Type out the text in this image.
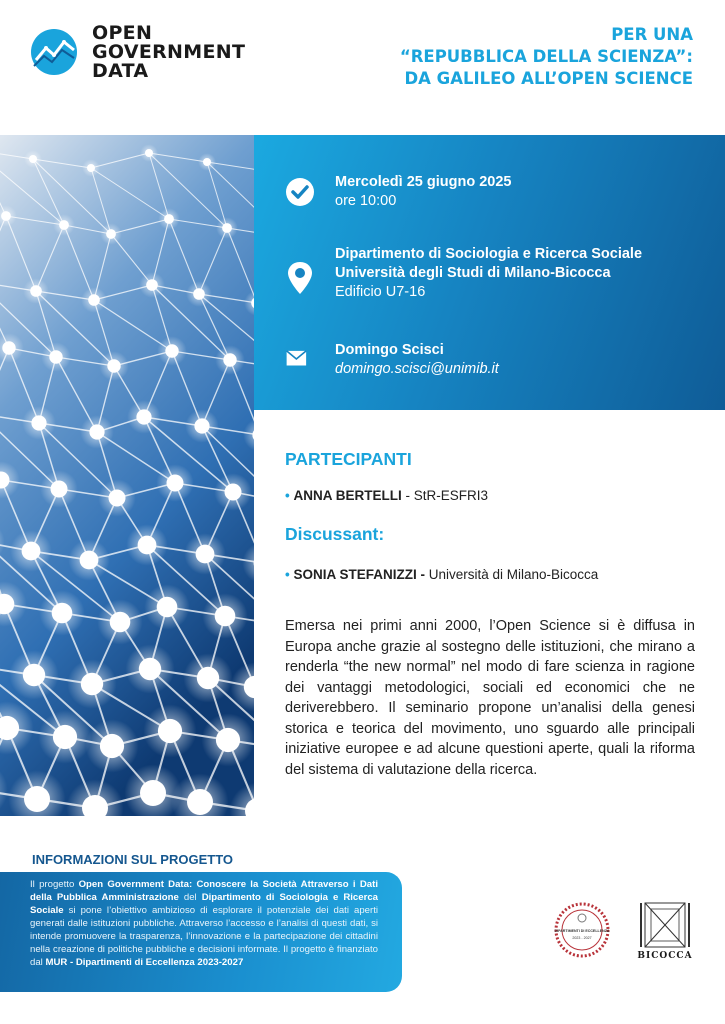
OPEN
GOVERNMENT
DATA
PER UNA
“REPUBBLICA DELLA SCIENZA”:
DA GALILEO ALL’OPEN SCIENCE
Mercoledì 25 giugno 2025
ore 10:00
Dipartimento di Sociologia e Ricerca Sociale
Università degli Studi di Milano-Bicocca
Edificio U7-16
Domingo Scisci
domingo.scisci@unimib.it
PARTECIPANTI
• ANNA BERTELLI - StR-ESFRI3
Discussant:
• SONIA STEFANIZZI - Università di Milano-Bicocca
Emersa nei primi anni 2000, l’Open Science si è diffusa in Europa anche grazie al sostegno delle istituzioni, che mirano a renderla “the new normal” nel modo di fare scienza in ragione dei vantaggi metodologici, sociali ed economici che ne deriverebbero. Il seminario propone un’analisi della genesi storica e teorica del movimento, uno sguardo alle principali iniziative europee e ad alcune questioni aperte, quali la riforma del sistema di valutazione della ricerca.
INFORMAZIONI SUL PROGETTO
Il progetto Open Government Data: Conoscere la Società Attraverso i Dati della Pubblica Amministrazione del Dipartimento di Sociologia e Ricerca Sociale si pone l’obiettivo ambizioso di esplorare il potenziale dei dati aperti generati dalle istituzioni pubbliche. Attraverso l’accesso e l’analisi di questi dati, si intende promuovere la trasparenza, l’innovazione e la partecipazione dei cittadini nella creazione di politiche pubbliche e decisioni informate. Il progetto è finanziato dal MUR - Dipartimenti di Eccellenza 2023-2027
DIPARTIMENTI DI ECCELLENZA
2023 - 2027
BICOCCA
